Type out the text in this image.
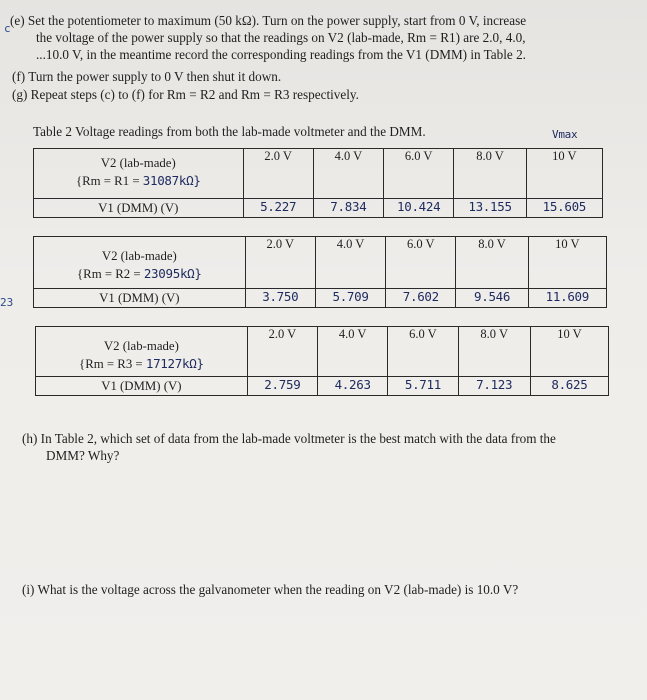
c
23
(e) Set the potentiometer to maximum (50 kΩ). Turn on the power supply, start from 0 V, increase
the voltage of the power supply so that the readings on V2 (lab-made, Rm = R1) are 2.0, 4.0,
...10.0 V, in the meantime record the corresponding readings from the V1 (DMM) in Table 2.
(f) Turn the power supply to 0 V then shut it down.
(g) Repeat steps (c) to (f) for Rm = R2 and Rm = R3 respectively.
Table 2 Voltage readings from both the lab-made voltmeter and the DMM.	Vmax
V2 (lab-made)
{Rm = R1 = 31087kΩ}	2.0 V	4.0 V	6.0 V	8.0 V	10 V
V1 (DMM) (V)	5.227	7.834	10.424	13.155	15.605
V2 (lab-made)
{Rm = R2 = 23095kΩ}	2.0 V	4.0 V	6.0 V	8.0 V	10 V
V1 (DMM) (V)	3.750	5.709	7.602	9.546	11.609
V2 (lab-made)
{Rm = R3 = 17127kΩ}	2.0 V	4.0 V	6.0 V	8.0 V	10 V
V1 (DMM) (V)	2.759	4.263	5.711	7.123	8.625
(h) In Table 2, which set of data from the lab-made voltmeter is the best match with the data from the
DMM? Why?
(i) What is the voltage across the galvanometer when the reading on V2 (lab-made) is 10.0 V?
